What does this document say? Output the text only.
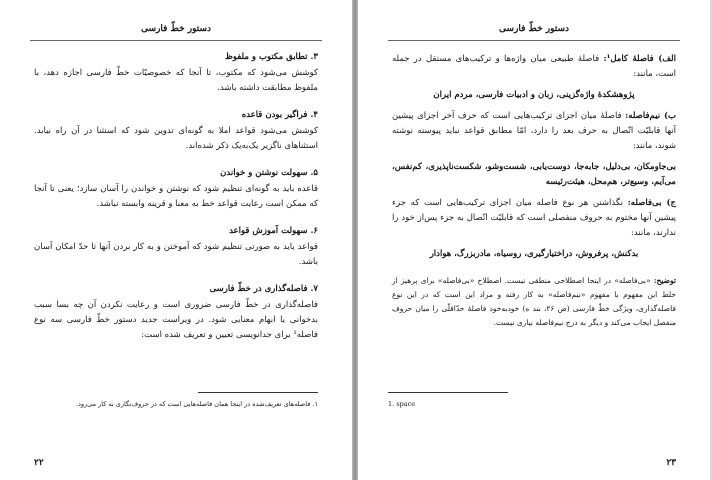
دستور خطّ فارسی

۳. تطابق مکتوب و ملفوظ

کوشش می‌شود که مکتوب، تا آنجا که خصوصیّات خطّ فارسی اجازه دهد، با ملفوظ مطابقت داشته باشد.

۴. فراگیر بودن قاعده

کوشش می‌شود قواعد املا به گونه‌ای تدوین شود که استثنا در آن راه نیابد. استثناهای ناگزیر یک‌به‌یک ذکر شده‌اند.

۵. سهولت نوشتن و خواندن

قاعده باید به گونه‌ای تنظیم شود که نوشتن و خواندن را آسان سازد؛ یعنی تا آنجا که ممکن است رعایت قواعد خط به معنا و قرینه وابسته نباشد.

۶. سهولت آموزش قواعد

قواعد باید به صورتی تنظیم شود که آموختن و به کار بردن آنها تا حدّ امکان آسان باشد.

۷. فاصله‌گذاری در خطّ فارسی

فاصله‌گذاری در خطّ فارسی ضروری است و رعایت نکردن آن چه بسا سبب بدخوانی یا ابهام معنایی شود. در ویراست جدید دستور خطّ فارسی سه نوع فاصله¹ برای جدانویسی تعیین و تعریف شده است:

۱. فاصله‌های تعریف‌شده در اینجا همان فاصله‌هایی است که در حروف‌نگاری به کار می‌رود.
۲۲
دستور خطّ فارسی

الف) فاصلهٔ کامل¹: فاصلهٔ طبیعی میان واژه‌ها و ترکیب‌های مستقل در جمله است، مانند:

پژوهشکدهٔ واژه‌گزینی، زبان و ادبیات فارسی، مردم ایران

ب) نیم‌فاصله: فاصلهٔ میان اجزای ترکیب‌هایی است که حرف آخر اجزای پیشین آنها قابلیّت اتّصال به حرف بعد را دارد، امّا مطابق قواعد نباید پیوسته نوشته شوند، مانند:

بی‌جاومکان، بی‌دلیل، جابه‌جا، دوست‌یابی، شست‌وشو، شکست‌ناپذیری، کم‌نفس، می‌آیم، وسیع‌تر، هم‌محل، هیئت‌رئیسه

ج) بی‌فاصله: نگذاشتن هر نوع فاصله میان اجزای ترکیب‌هایی است که جزء پیشین آنها مختوم به حروف منفصلی است که قابلیّت اتّصال به جزء پس‌از خود را ندارند، مانند:

بدکنش، پرفروش، دراختیارگیری، روسیاه، مادربزرگ، هوادار

توضیح: «بی‌فاصله» در اینجا اصطلاحی منطقی نیست. اصطلاح «بی‌فاصله» برای پرهیز از خلط این مفهوم با مفهوم «نیم‌فاصله» به کار رفته و مراد این است که در این نوع فاصله‌گذاری، ویژگی خطّ فارسی (ص ۲۶، بند ه) خودبه‌خود فاصلهٔ حدّاقلّی را میان حروف منفصل ایجاب می‌کند و دیگر به درج نیم‌فاصله نیازی نیست.

1. space
۲۳
